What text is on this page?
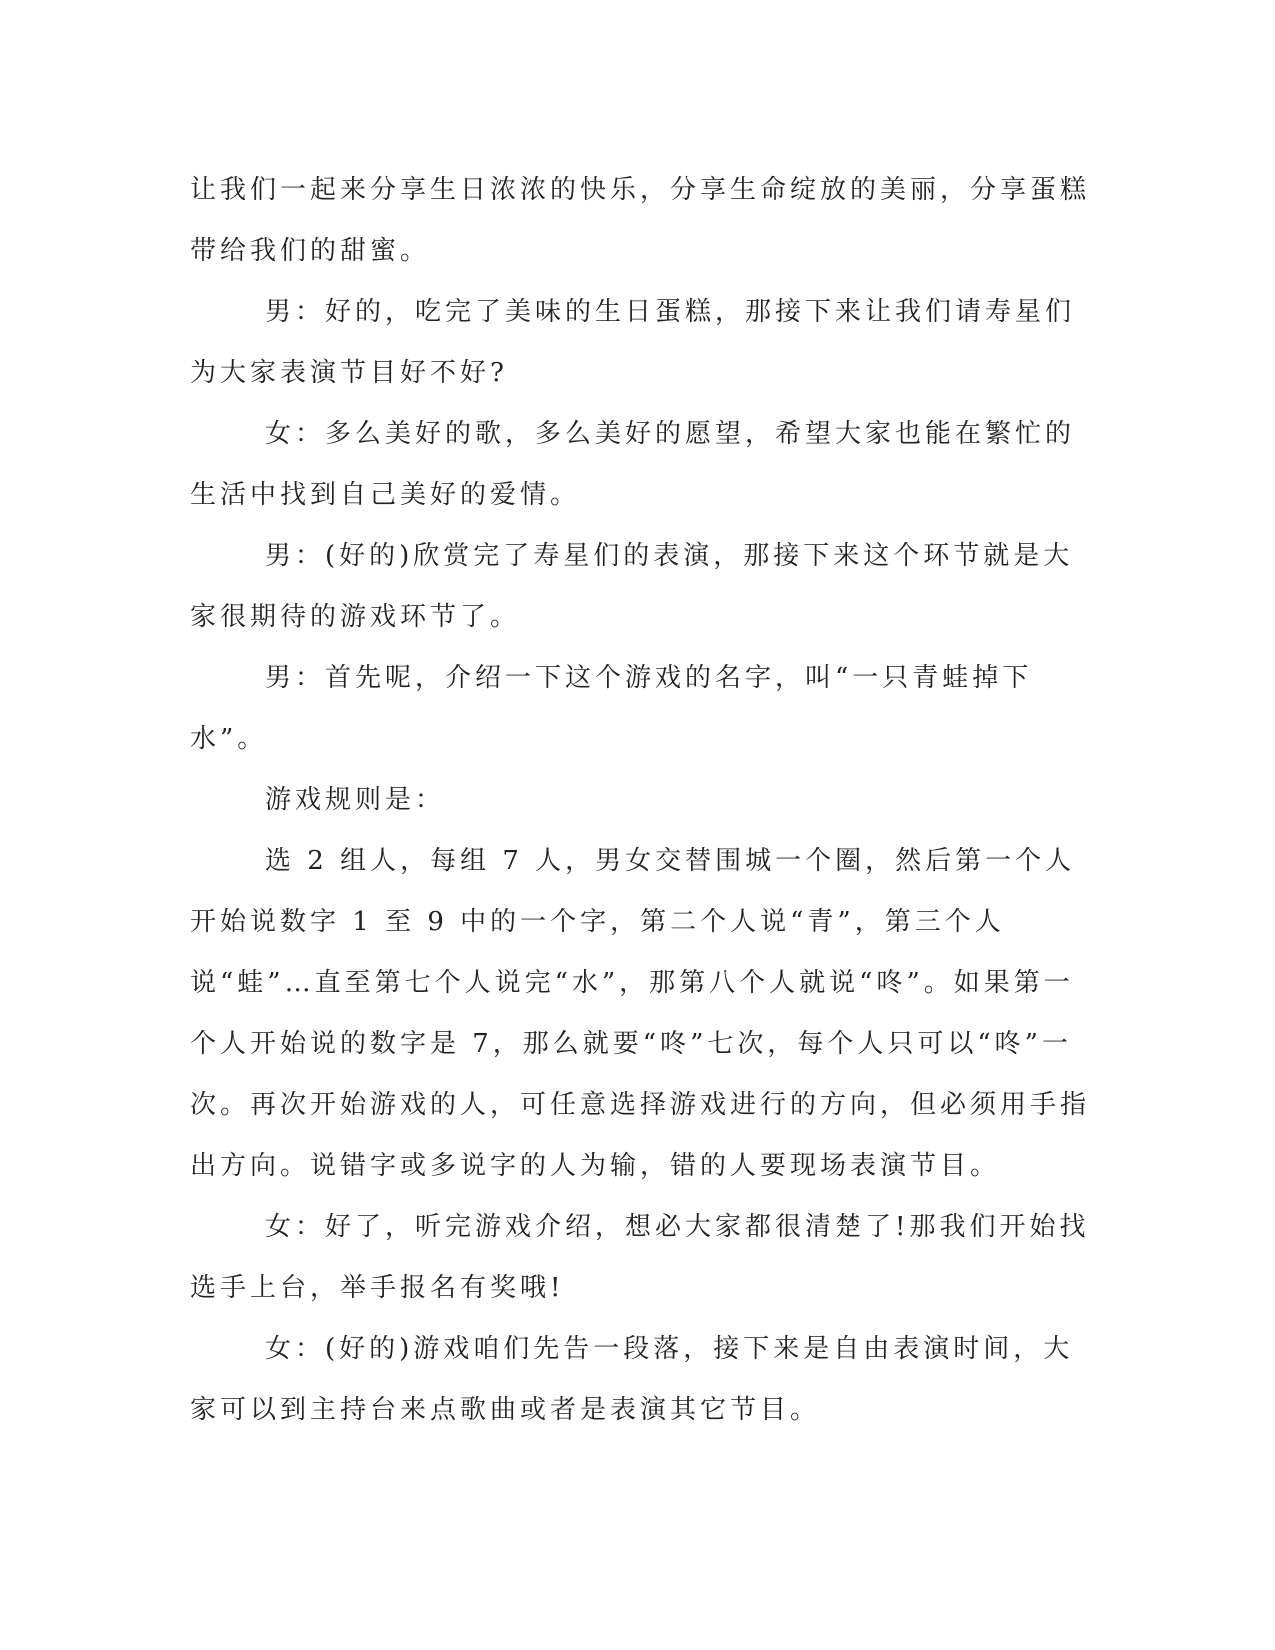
让我们一起来分享生日浓浓的快乐，分享生命绽放的美丽，分享蛋糕带给我们的甜蜜。

男：好的，吃完了美味的生日蛋糕，那接下来让我们请寿星们为大家表演节目好不好?

女：多么美好的歌，多么美好的愿望，希望大家也能在繁忙的生活中找到自己美好的爱情。

男：(好的)欣赏完了寿星们的表演，那接下来这个环节就是大家很期待的游戏环节了。

男：首先呢，介绍一下这个游戏的名字，叫“一只青蛙掉下水”。

游戏规则是：

选 2 组人，每组 7 人，男女交替围城一个圈，然后第一个人开始说数字 1 至 9 中的一个字，第二个人说“青”，第三个人说“蛙”…直至第七个人说完“水”，那第八个人就说“咚”。如果第一个人开始说的数字是 7，那么就要“咚”七次，每个人只可以“咚”一次。再次开始游戏的人，可任意选择游戏进行的方向，但必须用手指出方向。说错字或多说字的人为输，错的人要现场表演节目。

女：好了，听完游戏介绍，想必大家都很清楚了!那我们开始找选手上台，举手报名有奖哦!

女：(好的)游戏咱们先告一段落，接下来是自由表演时间，大家可以到主持台来点歌曲或者是表演其它节目。
